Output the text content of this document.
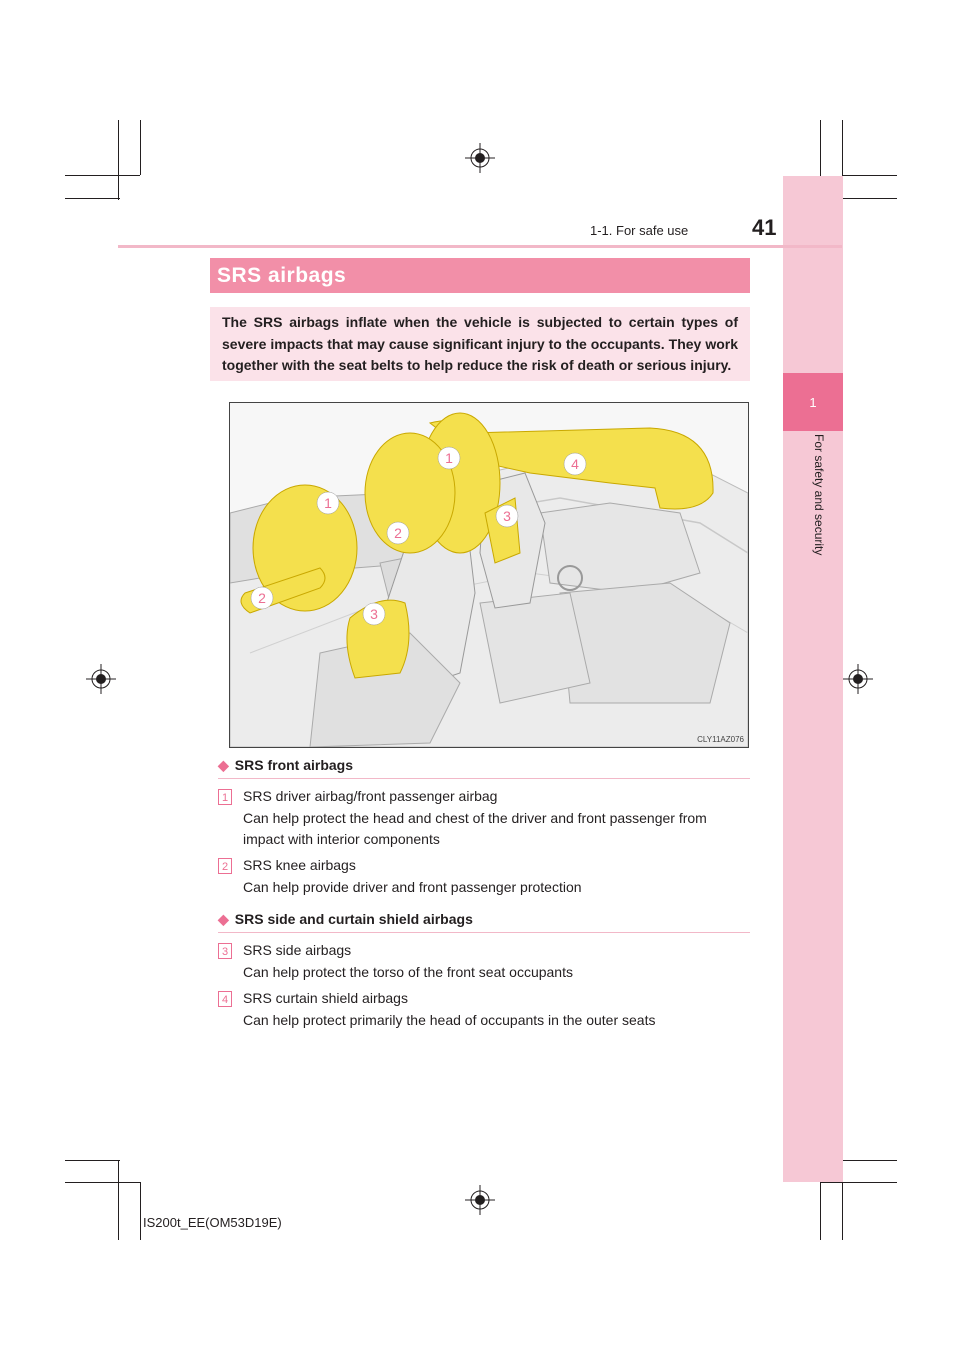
1
For safety and security
1-1. For safe use	41
SRS airbags
The SRS airbags inflate when the vehicle is subjected to certain types of severe impacts that may cause significant injury to the occupants. They work together with the seat belts to help reduce the risk of death or serious injury.
1
1
2
2
3
3
4
CLY11AZ076
◆ SRS front airbags
1 SRS driver airbag/front passenger airbag
Can help protect the head and chest of the driver and front passenger from impact with interior components
2 SRS knee airbags
Can help provide driver and front passenger protection
◆ SRS side and curtain shield airbags
3 SRS side airbags
Can help protect the torso of the front seat occupants
4 SRS curtain shield airbags
Can help protect primarily the head of occupants in the outer seats
IS200t_EE(OM53D19E)
